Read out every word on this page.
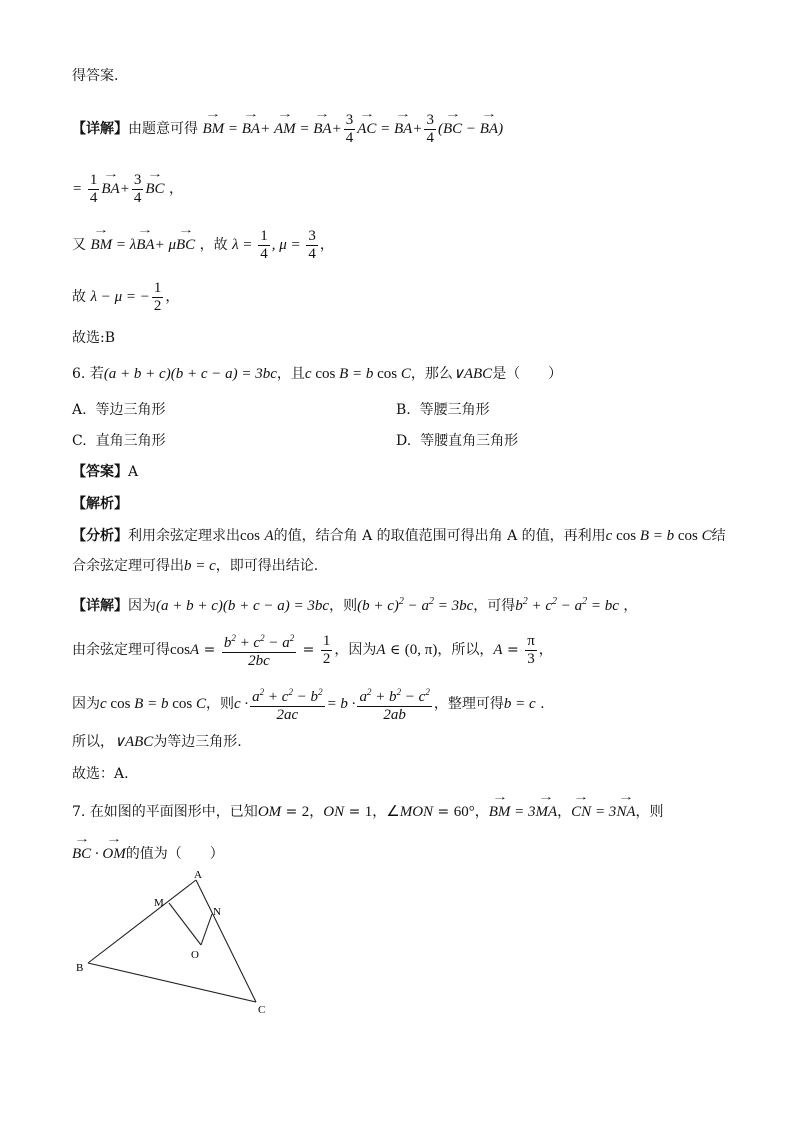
得答案.
【详解】由题意可得 → BM = → BA+ → AM = → $BA+ \frac{3}{4}$
→ AC = → $BA+ \frac{3}{4}$ (→ BC − → BA)
= $\frac{1}{4}$
→ $BA+ \frac{3}{4}$
→ BC ，
又 → BM = λ→ BA+ μ→ BC ，故 $\lambda = \frac{1}{4}$ , $\mu = \frac{3}{4}$ ，
故 λ − μ = − $\frac{1}{2}$ ，
故选:B
6. 若(a + b + c)(b + c − a) = 3bc，且c cos B = b cos C，那么∨ABC是（　　）
A. 等边三角形	B. 等腰三角形
C. 直角三角形	D. 等腰直角三角形
【答案】A
【解析】
【分析】利用余弦定理求出cos A的值，结合角 A 的取值范围可得出角 A 的值，再利用c cos B = b cos C结
合余弦定理可得出b = c，即可得出结论.
【详解】因为(a + b + c)(b + c − a) = 3bc，则$(b + c)^2 - a^2 = 3bc$，可得$b^2 + c^2 - a^2$ = bc ，
由余弦定理可得$\cos A = \frac{b^2 + c^2 - a^2}{2bc} = \frac{1}{2}$ ，因为A ∈ (0, π)，所以，$A = \frac{\pi}{3}$ ，
因为c cos B = b cos C，则$c \cdot \frac{a^2 + c^2 - b^2}{2ac} = b \cdot \frac{a^2 + b^2 - c^2}{2ab}$ ，整理可得b = c .
所以，∨ABC为等边三角形.
故选：A.
7. 在如图的平面图形中，已知OM = 2，ON = 1，∠MON = 60°，→ BM = 3→ MA，→ CN = 3→ NA，则
→ BC · → OM的值为（　　）
A
M
N
O
B
C
